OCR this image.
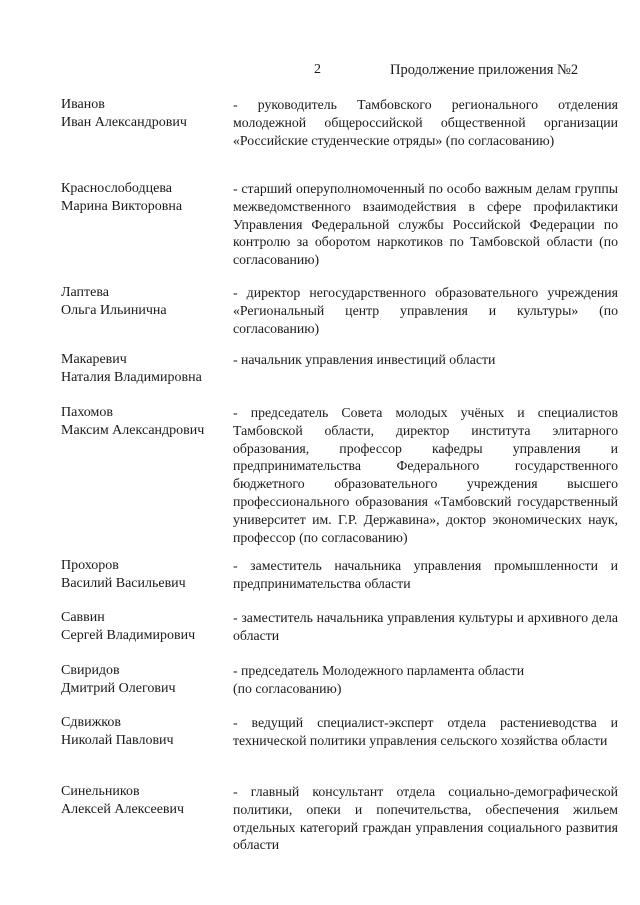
2	Продолжение приложения №2
Иванов
Иван Александрович
- руководитель Тамбовского регионального отделения молодежной общероссийской общественной организации «Российские студенческие отряды» (по согласованию)
Краснослободцева
Марина Викторовна
- старший оперуполномоченный по особо важным делам группы межведомственного взаимодействия в сфере профилактики Управления Федеральной службы Российской Федерации по контролю за оборотом наркотиков по Тамбовской области (по согласованию)
Лаптева
Ольга Ильинична
- директор негосударственного образовательного учреждения «Региональный центр управления и культуры» (по согласованию)
Макаревич
Наталия Владимировна
- начальник управления инвестиций области
Пахомов
Максим Александрович
- председатель Совета молодых учёных и специалистов Тамбовской области, директор института элитарного образования, профессор кафедры управления и предпринимательства Федерального государственного бюджетного образовательного учреждения высшего профессионального образования «Тамбовский государственный университет им. Г.Р. Державина», доктор экономических наук, профессор (по согласованию)
Прохоров
Василий Васильевич
- заместитель начальника управления промышленности и предпринимательства области
Саввин
Сергей Владимирович
- заместитель начальника управления культуры и архивного дела области
Свиридов
Дмитрий Олегович
- председатель Молодежного парламента области
(по согласованию)
Сдвижков
Николай Павлович
- ведущий специалист-эксперт отдела растениеводства и технической политики управления сельского хозяйства области
Синельников
Алексей Алексеевич
- главный консультант отдела социально-демографической политики, опеки и попечительства, обеспечения жильем отдельных категорий граждан управления социального развития области
